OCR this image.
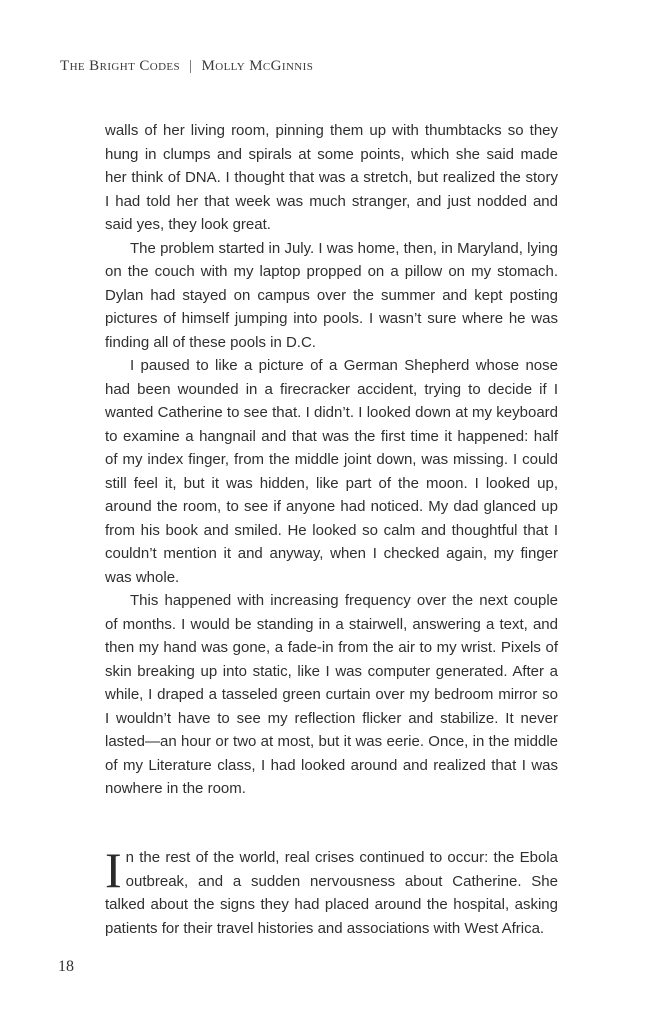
The Bright Codes | Molly McGinnis

walls of her living room, pinning them up with thumbtacks so they hung in clumps and spirals at some points, which she said made her think of DNA. I thought that was a stretch, but realized the story I had told her that week was much stranger, and just nodded and said yes, they look great.

The problem started in July. I was home, then, in Maryland, lying on the couch with my laptop propped on a pillow on my stomach. Dylan had stayed on campus over the summer and kept posting pictures of himself jumping into pools. I wasn’t sure where he was finding all of these pools in D.C.

I paused to like a picture of a German Shepherd whose nose had been wounded in a firecracker accident, trying to decide if I wanted Catherine to see that. I didn’t. I looked down at my keyboard to examine a hangnail and that was the first time it happened: half of my index finger, from the middle joint down, was missing. I could still feel it, but it was hidden, like part of the moon. I looked up, around the room, to see if anyone had noticed. My dad glanced up from his book and smiled. He looked so calm and thoughtful that I couldn’t mention it and anyway, when I checked again, my finger was whole.

This happened with increasing frequency over the next couple of months. I would be standing in a stairwell, answering a text, and then my hand was gone, a fade-in from the air to my wrist. Pixels of skin breaking up into static, like I was computer generated. After a while, I draped a tasseled green curtain over my bedroom mirror so I wouldn’t have to see my reflection flicker and stabilize. It never lasted—an hour or two at most, but it was eerie. Once, in the middle of my Literature class, I had looked around and realized that I was nowhere in the room.

In the rest of the world, real crises continued to occur: the Ebola outbreak, and a sudden nervousness about Catherine. She talked about the signs they had placed around the hospital, asking patients for their travel histories and associations with West Africa.

18
